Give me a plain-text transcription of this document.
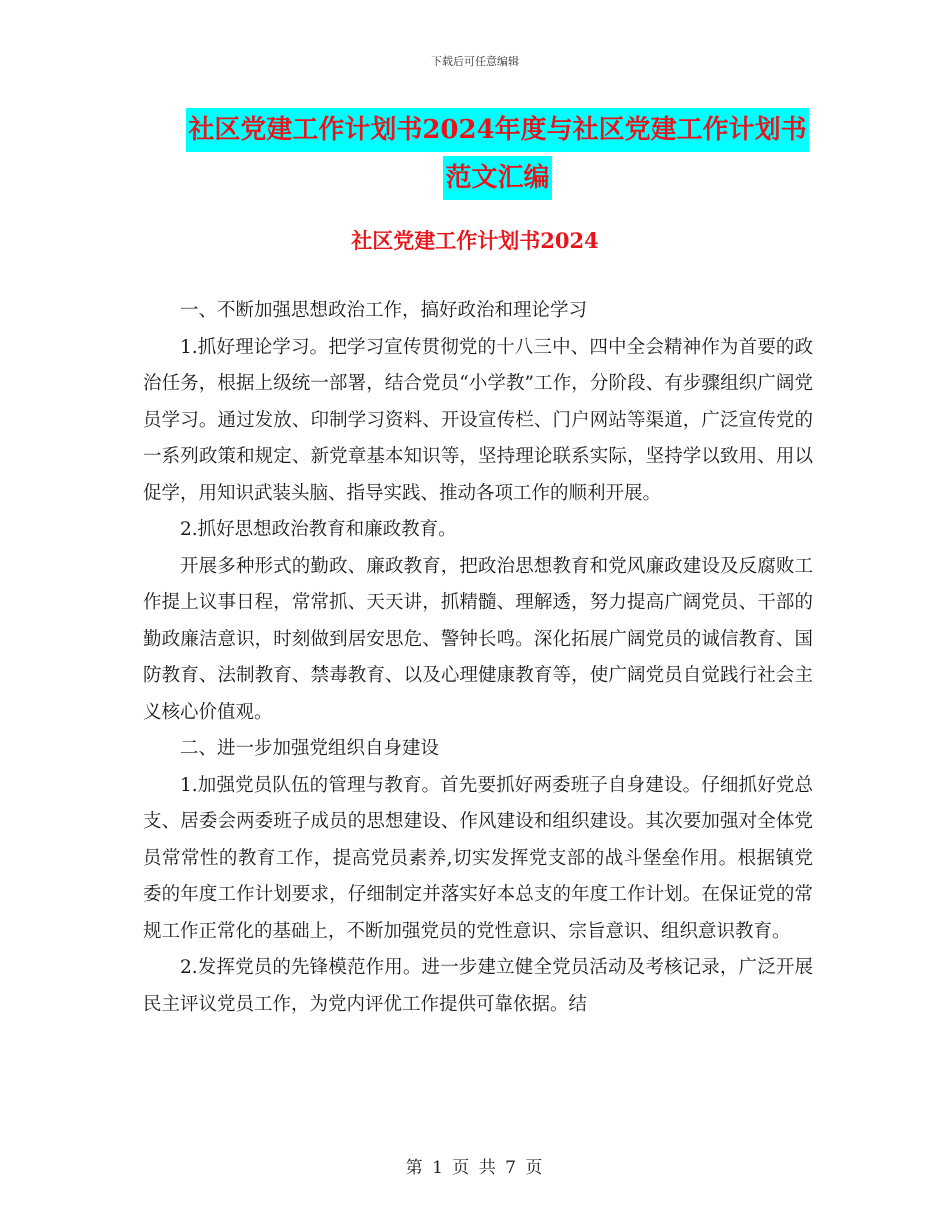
下载后可任意编辑
社区党建工作计划书2024年度与社区党建工作计划书
范文汇编
社区党建工作计划书2024

一、不断加强思想政治工作，搞好政治和理论学习

1.抓好理论学习。把学习宣传贯彻党的十八三中、四中全会精神作为首要的政治任务，根据上级统一部署，结合党员“小学教”工作，分阶段、有步骤组织广阔党员学习。通过发放、印制学习资料、开设宣传栏、门户网站等渠道，广泛宣传党的一系列政策和规定、新党章基本知识等，坚持理论联系实际，坚持学以致用、用以促学，用知识武装头脑、指导实践、推动各项工作的顺利开展。

2.抓好思想政治教育和廉政教育。

开展多种形式的勤政、廉政教育，把政治思想教育和党风廉政建设及反腐败工作提上议事日程，常常抓、天天讲，抓精髓、理解透，努力提高广阔党员、干部的勤政廉洁意识，时刻做到居安思危、警钟长鸣。深化拓展广阔党员的诚信教育、国防教育、法制教育、禁毒教育、以及心理健康教育等，使广阔党员自觉践行社会主义核心价值观。

二、进一步加强党组织自身建设

1.加强党员队伍的管理与教育。首先要抓好两委班子自身建设。仔细抓好党总支、居委会两委班子成员的思想建设、作风建设和组织建设。其次要加强对全体党员常常性的教育工作，提高党员素养,切实发挥党支部的战斗堡垒作用。根据镇党委的年度工作计划要求，仔细制定并落实好本总支的年度工作计划。在保证党的常规工作正常化的基础上，不断加强党员的党性意识、宗旨意识、组织意识教育。

2.发挥党员的先锋模范作用。进一步建立健全党员活动及考核记录，广泛开展民主评议党员工作，为党内评优工作提供可靠依据。结

第 1 页 共 7 页
